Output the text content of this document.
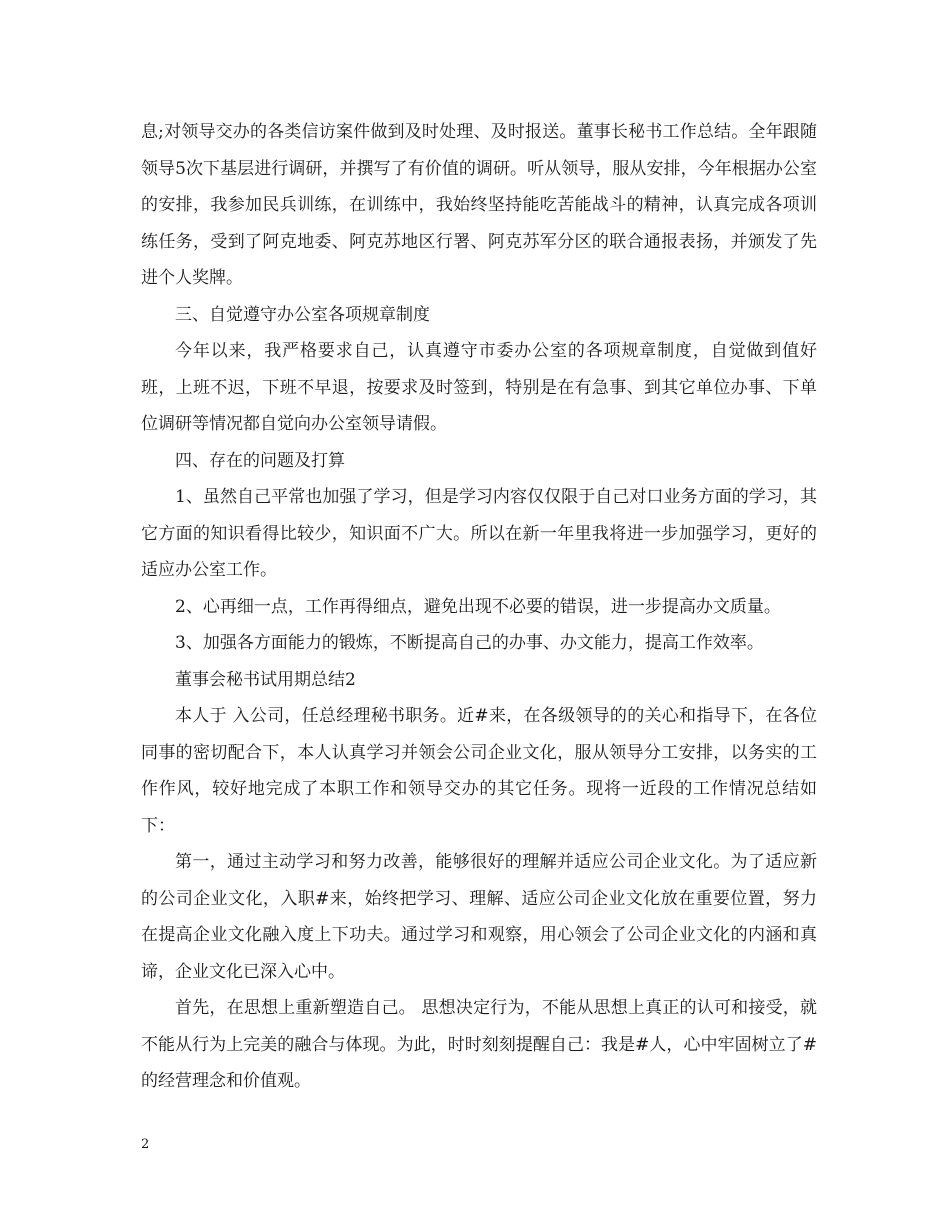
息;对领导交办的各类信访案件做到及时处理、及时报送。董事长秘书工作总结。全年跟随领导5次下基层进行调研，并撰写了有价值的调研。听从领导，服从安排，今年根据办公室的安排，我参加民兵训练，在训练中，我始终坚持能吃苦能战斗的精神，认真完成各项训练任务，受到了阿克地委、阿克苏地区行署、阿克苏军分区的联合通报表扬，并颁发了先进个人奖牌。

三、自觉遵守办公室各项规章制度

今年以来，我严格要求自己，认真遵守市委办公室的各项规章制度，自觉做到值好班，上班不迟，下班不早退，按要求及时签到，特别是在有急事、到其它单位办事、下单位调研等情况都自觉向办公室领导请假。

四、存在的问题及打算

1、虽然自己平常也加强了学习，但是学习内容仅仅限于自己对口业务方面的学习，其它方面的知识看得比较少，知识面不广大。所以在新一年里我将进一步加强学习，更好的适应办公室工作。

2、心再细一点，工作再得细点，避免出现不必要的错误，进一步提高办文质量。

3、加强各方面能力的锻炼，不断提高自己的办事、办文能力，提高工作效率。

董事会秘书试用期总结2

本人于 入公司，任总经理秘书职务。近#来，在各级领导的的关心和指导下，在各位同事的密切配合下，本人认真学习并领会公司企业文化，服从领导分工安排，以务实的工作作风，较好地完成了本职工作和领导交办的其它任务。现将一近段的工作情况总结如下：

第一，通过主动学习和努力改善，能够很好的理解并适应公司企业文化。为了适应新的公司企业文化，入职#来，始终把学习、理解、适应公司企业文化放在重要位置，努力在提高企业文化融入度上下功夫。通过学习和观察，用心领会了公司企业文化的内涵和真谛，企业文化已深入心中。

首先，在思想上重新塑造自己。 思想决定行为，不能从思想上真正的认可和接受，就不能从行为上完美的融合与体现。为此，时时刻刻提醒自己：我是#人，心中牢固树立了#的经营理念和价值观。

2
